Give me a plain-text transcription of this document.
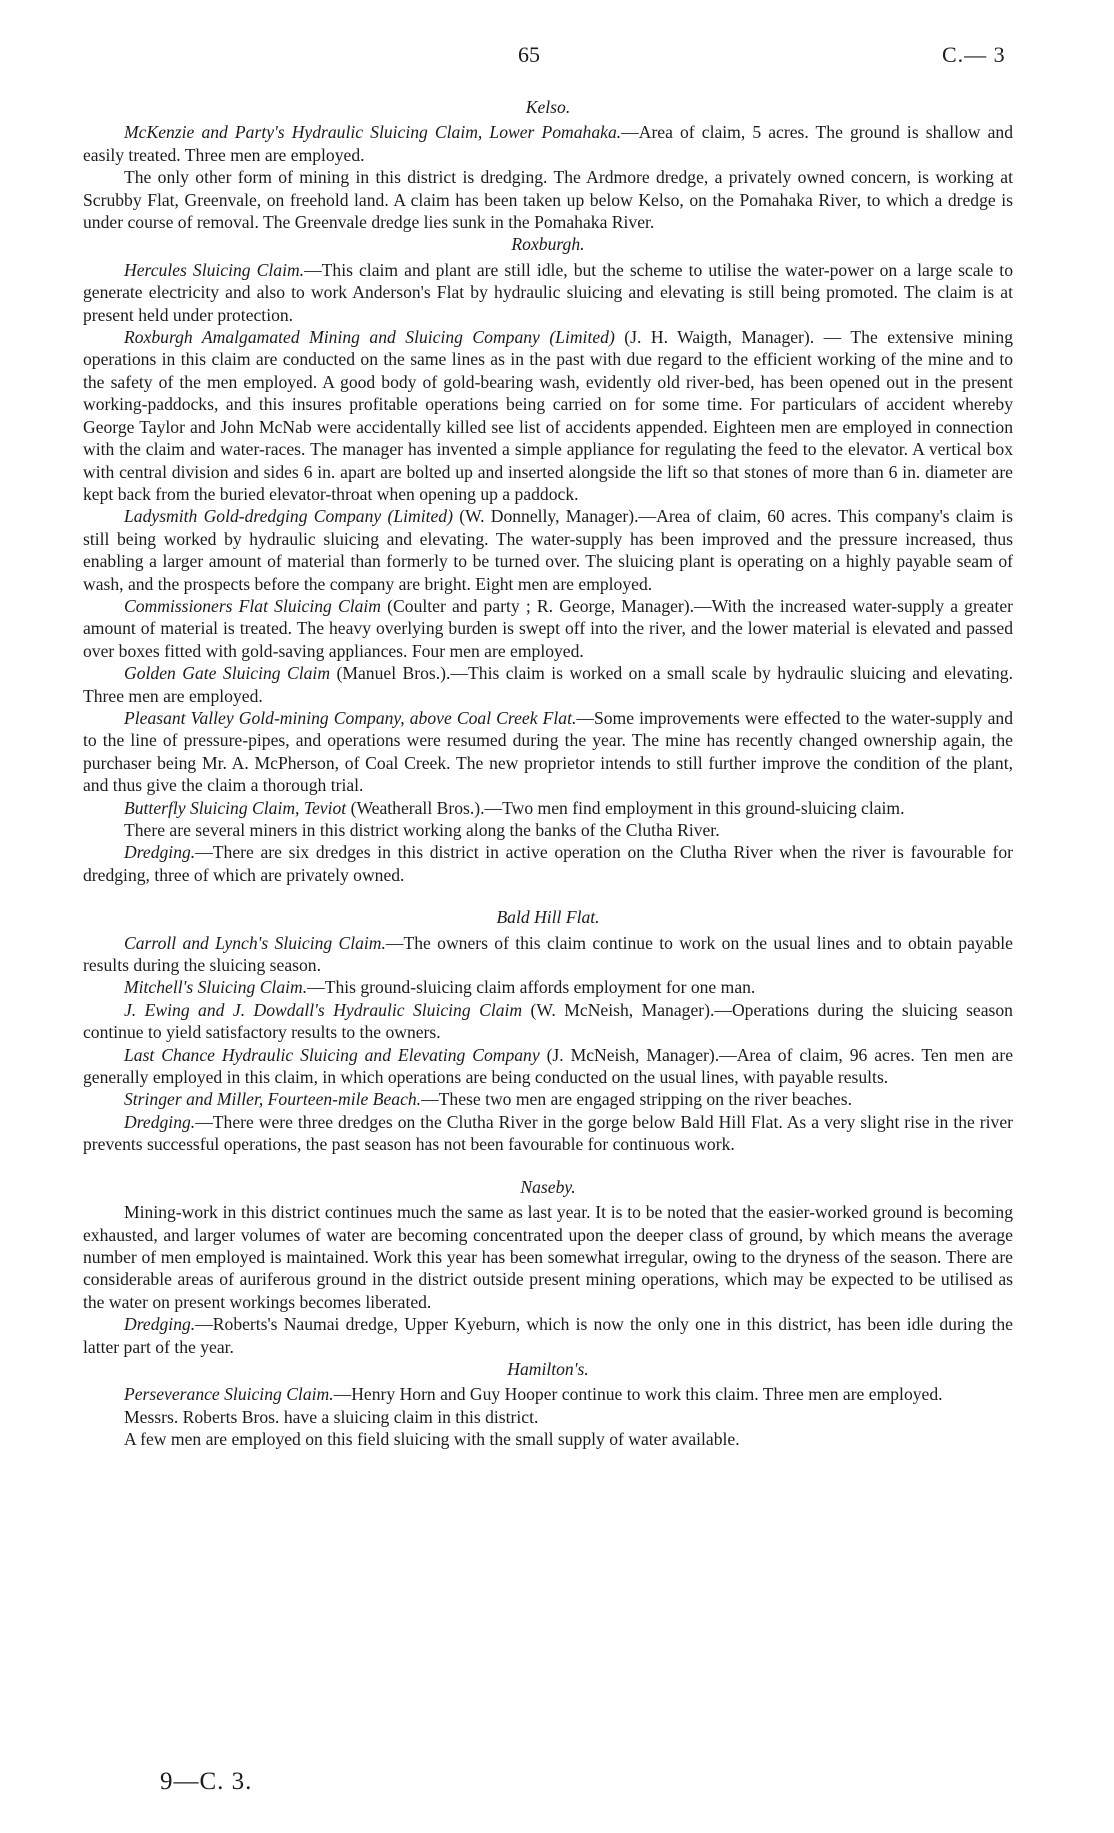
65	C.— 3
Kelso.

McKenzie and Party's Hydraulic Sluicing Claim, Lower Pomahaka.—Area of claim, 5 acres. The ground is shallow and easily treated. Three men are employed.

The only other form of mining in this district is dredging. The Ardmore dredge, a privately owned concern, is working at Scrubby Flat, Greenvale, on freehold land. A claim has been taken up below Kelso, on the Pomahaka River, to which a dredge is under course of removal. The Greenvale dredge lies sunk in the Pomahaka River.

Roxburgh.

Hercules Sluicing Claim.—This claim and plant are still idle, but the scheme to utilise the water-power on a large scale to generate electricity and also to work Anderson's Flat by hydraulic sluicing and elevating is still being promoted. The claim is at present held under protection.

Roxburgh Amalgamated Mining and Sluicing Company (Limited) (J. H. Waigth, Manager). — The extensive mining operations in this claim are conducted on the same lines as in the past with due regard to the efficient working of the mine and to the safety of the men employed. A good body of gold-bearing wash, evidently old river-bed, has been opened out in the present working-paddocks, and this insures profitable operations being carried on for some time. For particulars of accident whereby George Taylor and John McNab were accidentally killed see list of accidents appended. Eighteen men are employed in connection with the claim and water-races. The manager has invented a simple appliance for regulating the feed to the elevator. A vertical box with central division and sides 6 in. apart are bolted up and inserted alongside the lift so that stones of more than 6 in. diameter are kept back from the buried elevator-throat when opening up a paddock.

Ladysmith Gold-dredging Company (Limited) (W. Donnelly, Manager).—Area of claim, 60 acres. This company's claim is still being worked by hydraulic sluicing and elevating. The water-supply has been improved and the pressure increased, thus enabling a larger amount of material than formerly to be turned over. The sluicing plant is operating on a highly payable seam of wash, and the prospects before the company are bright. Eight men are employed.

Commissioners Flat Sluicing Claim (Coulter and party ; R. George, Manager).—With the increased water-supply a greater amount of material is treated. The heavy overlying burden is swept off into the river, and the lower material is elevated and passed over boxes fitted with gold-saving appliances. Four men are employed.

Golden Gate Sluicing Claim (Manuel Bros.).—This claim is worked on a small scale by hydraulic sluicing and elevating. Three men are employed.

Pleasant Valley Gold-mining Company, above Coal Creek Flat.—Some improvements were effected to the water-supply and to the line of pressure-pipes, and operations were resumed during the year. The mine has recently changed ownership again, the purchaser being Mr. A. McPherson, of Coal Creek. The new proprietor intends to still further improve the condition of the plant, and thus give the claim a thorough trial.

Butterfly Sluicing Claim, Teviot (Weatherall Bros.).—Two men find employment in this ground-sluicing claim.

There are several miners in this district working along the banks of the Clutha River.

Dredging.—There are six dredges in this district in active operation on the Clutha River when the river is favourable for dredging, three of which are privately owned.

Bald Hill Flat.

Carroll and Lynch's Sluicing Claim.—The owners of this claim continue to work on the usual lines and to obtain payable results during the sluicing season.

Mitchell's Sluicing Claim.—This ground-sluicing claim affords employment for one man.

J. Ewing and J. Dowdall's Hydraulic Sluicing Claim (W. McNeish, Manager).—Operations during the sluicing season continue to yield satisfactory results to the owners.

Last Chance Hydraulic Sluicing and Elevating Company (J. McNeish, Manager).—Area of claim, 96 acres. Ten men are generally employed in this claim, in which operations are being conducted on the usual lines, with payable results.

Stringer and Miller, Fourteen-mile Beach.—These two men are engaged stripping on the river beaches.

Dredging.—There were three dredges on the Clutha River in the gorge below Bald Hill Flat. As a very slight rise in the river prevents successful operations, the past season has not been favourable for continuous work.

Naseby.

Mining-work in this district continues much the same as last year. It is to be noted that the easier-worked ground is becoming exhausted, and larger volumes of water are becoming concentrated upon the deeper class of ground, by which means the average number of men employed is maintained. Work this year has been somewhat irregular, owing to the dryness of the season. There are considerable areas of auriferous ground in the district outside present mining operations, which may be expected to be utilised as the water on present workings becomes liberated.

Dredging.—Roberts's Naumai dredge, Upper Kyeburn, which is now the only one in this district, has been idle during the latter part of the year.

Hamilton's.

Perseverance Sluicing Claim.—Henry Horn and Guy Hooper continue to work this claim. Three men are employed.

Messrs. Roberts Bros. have a sluicing claim in this district.

A few men are employed on this field sluicing with the small supply of water available.

9—C. 3.
